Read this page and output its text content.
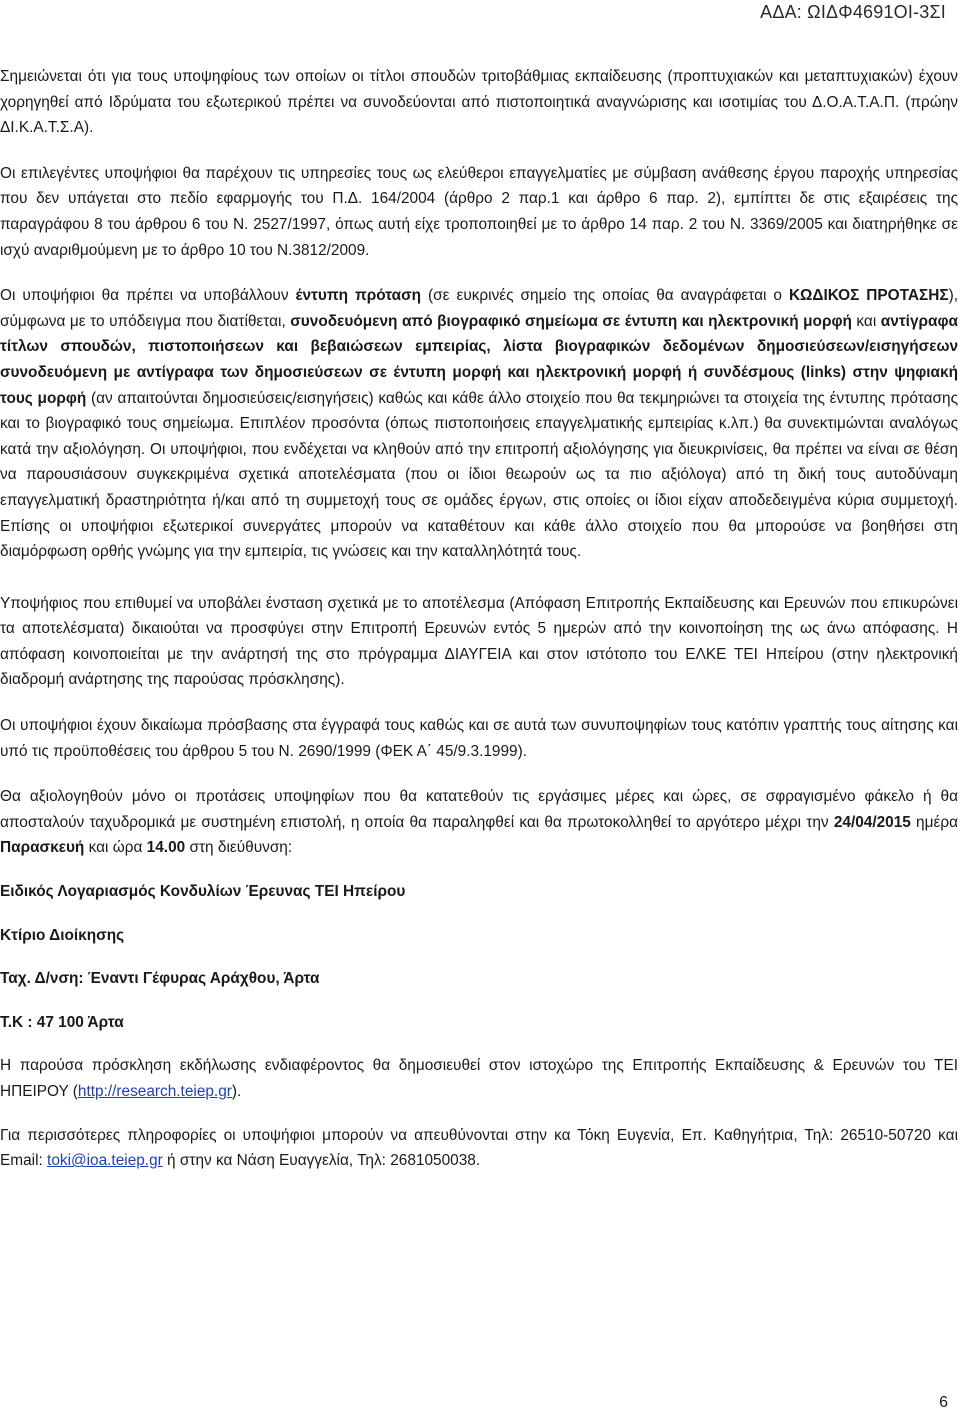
ΑΔΑ: ΩΙΔΦ4691ΟΙ-3ΣΙ

Σημειώνεται ότι για τους υποψηφίους των οποίων οι τίτλοι σπουδών τριτοβάθμιας εκπαίδευσης (προπτυχιακών και μεταπτυχιακών) έχουν χορηγηθεί από Ιδρύματα του εξωτερικού πρέπει να συνοδεύονται από πιστοποιητικά αναγνώρισης και ισοτιμίας του Δ.Ο.Α.Τ.Α.Π. (πρώην ΔΙ.Κ.Α.Τ.Σ.Α).

Οι επιλεγέντες υποψήφιοι θα παρέχουν τις υπηρεσίες τους ως ελεύθεροι επαγγελματίες με σύμβαση ανάθεσης έργου παροχής υπηρεσίας που δεν υπάγεται στο πεδίο εφαρμογής του Π.Δ. 164/2004 (άρθρο 2 παρ.1 και άρθρο 6 παρ. 2), εμπίπτει δε στις εξαιρέσεις της παραγράφου 8 του άρθρου 6 του Ν. 2527/1997, όπως αυτή είχε τροποποιηθεί με το άρθρο 14 παρ. 2 του Ν. 3369/2005 και διατηρήθηκε σε ισχύ αναριθμούμενη με το άρθρο 10 του Ν.3812/2009.

Οι υποψήφιοι θα πρέπει να υποβάλλουν έντυπη πρόταση (σε ευκρινές σημείο της οποίας θα αναγράφεται ο ΚΩΔΙΚΟΣ ΠΡΟΤΑΣΗΣ), σύμφωνα με το υπόδειγμα που διατίθεται, συνοδευόμενη από βιογραφικό σημείωμα σε έντυπη και ηλεκτρονική μορφή και αντίγραφα τίτλων σπουδών, πιστοποιήσεων και βεβαιώσεων εμπειρίας, λίστα βιογραφικών δεδομένων δημοσιεύσεων/εισηγήσεων συνοδευόμενη με αντίγραφα των δημοσιεύσεων σε έντυπη μορφή και ηλεκτρονική μορφή ή συνδέσμους (links) στην ψηφιακή τους μορφή (αν απαιτούνται δημοσιεύσεις/εισηγήσεις) καθώς και κάθε άλλο στοιχείο που θα τεκμηριώνει τα στοιχεία της έντυπης πρότασης και το βιογραφικό τους σημείωμα. Επιπλέον προσόντα (όπως πιστοποιήσεις επαγγελματικής εμπειρίας κ.λπ.) θα συνεκτιμώνται αναλόγως κατά την αξιολόγηση. Οι υποψήφιοι, που ενδέχεται να κληθούν από την επιτροπή αξιολόγησης για διευκρινίσεις, θα πρέπει να είναι σε θέση να παρουσιάσουν συγκεκριμένα σχετικά αποτελέσματα (που οι ίδιοι θεωρούν ως τα πιο αξιόλογα) από τη δική τους αυτοδύναμη επαγγελματική δραστηριότητα ή/και από τη συμμετοχή τους σε ομάδες έργων, στις οποίες οι ίδιοι είχαν αποδεδειγμένα κύρια συμμετοχή. Επίσης οι υποψήφιοι εξωτερικοί συνεργάτες μπορούν να καταθέτουν και κάθε άλλο στοιχείο που θα μπορούσε να βοηθήσει στη διαμόρφωση ορθής γνώμης για την εμπειρία, τις γνώσεις και την καταλληλότητά τους.

Υποψήφιος που επιθυμεί να υποβάλει ένσταση σχετικά με το αποτέλεσμα (Απόφαση Επιτροπής Εκπαίδευσης και Ερευνών που επικυρώνει τα αποτελέσματα) δικαιούται να προσφύγει στην Επιτροπή Ερευνών εντός 5 ημερών από την κοινοποίηση της ως άνω απόφασης. Η απόφαση κοινοποιείται με την ανάρτησή της στο πρόγραμμα ΔΙΑΥΓΕΙΑ και στον ιστότοπο του ΕΛΚΕ ΤΕΙ Ηπείρου (στην ηλεκτρονική διαδρομή ανάρτησης της παρούσας πρόσκλησης).

Οι υποψήφιοι έχουν δικαίωμα πρόσβασης στα έγγραφά τους καθώς και σε αυτά των συνυποψηφίων τους κατόπιν γραπτής τους αίτησης και υπό τις προϋποθέσεις του άρθρου 5 του Ν. 2690/1999 (ΦΕΚ Α΄ 45/9.3.1999).

Θα αξιολογηθούν μόνο οι προτάσεις υποψηφίων που θα κατατεθούν τις εργάσιμες μέρες και ώρες, σε σφραγισμένο φάκελο ή θα αποσταλούν ταχυδρομικά με συστημένη επιστολή, η οποία θα παραληφθεί και θα πρωτοκολληθεί το αργότερο μέχρι την 24/04/2015 ημέρα Παρασκευή και ώρα 14.00 στη διεύθυνση:

Ειδικός Λογαριασμός Κονδυλίων Έρευνας ΤΕΙ Ηπείρου

Κτίριο Διοίκησης

Ταχ. Δ/νση: Έναντι Γέφυρας Αράχθου, Άρτα

Τ.Κ : 47 100 Άρτα

Η παρούσα πρόσκληση εκδήλωσης ενδιαφέροντος θα δημοσιευθεί στον ιστοχώρο της Επιτροπής Εκπαίδευσης & Ερευνών του ΤΕΙ ΗΠΕΙΡΟΥ (http://research.teiep.gr).

Για περισσότερες πληροφορίες οι υποψήφιοι μπορούν να απευθύνονται στην κα Τόκη Ευγενία, Επ. Καθηγήτρια, Τηλ: 26510-50720 και Email: toki@ioa.teiep.gr ή στην κα Νάση Ευαγγελία, Τηλ: 2681050038.

6
